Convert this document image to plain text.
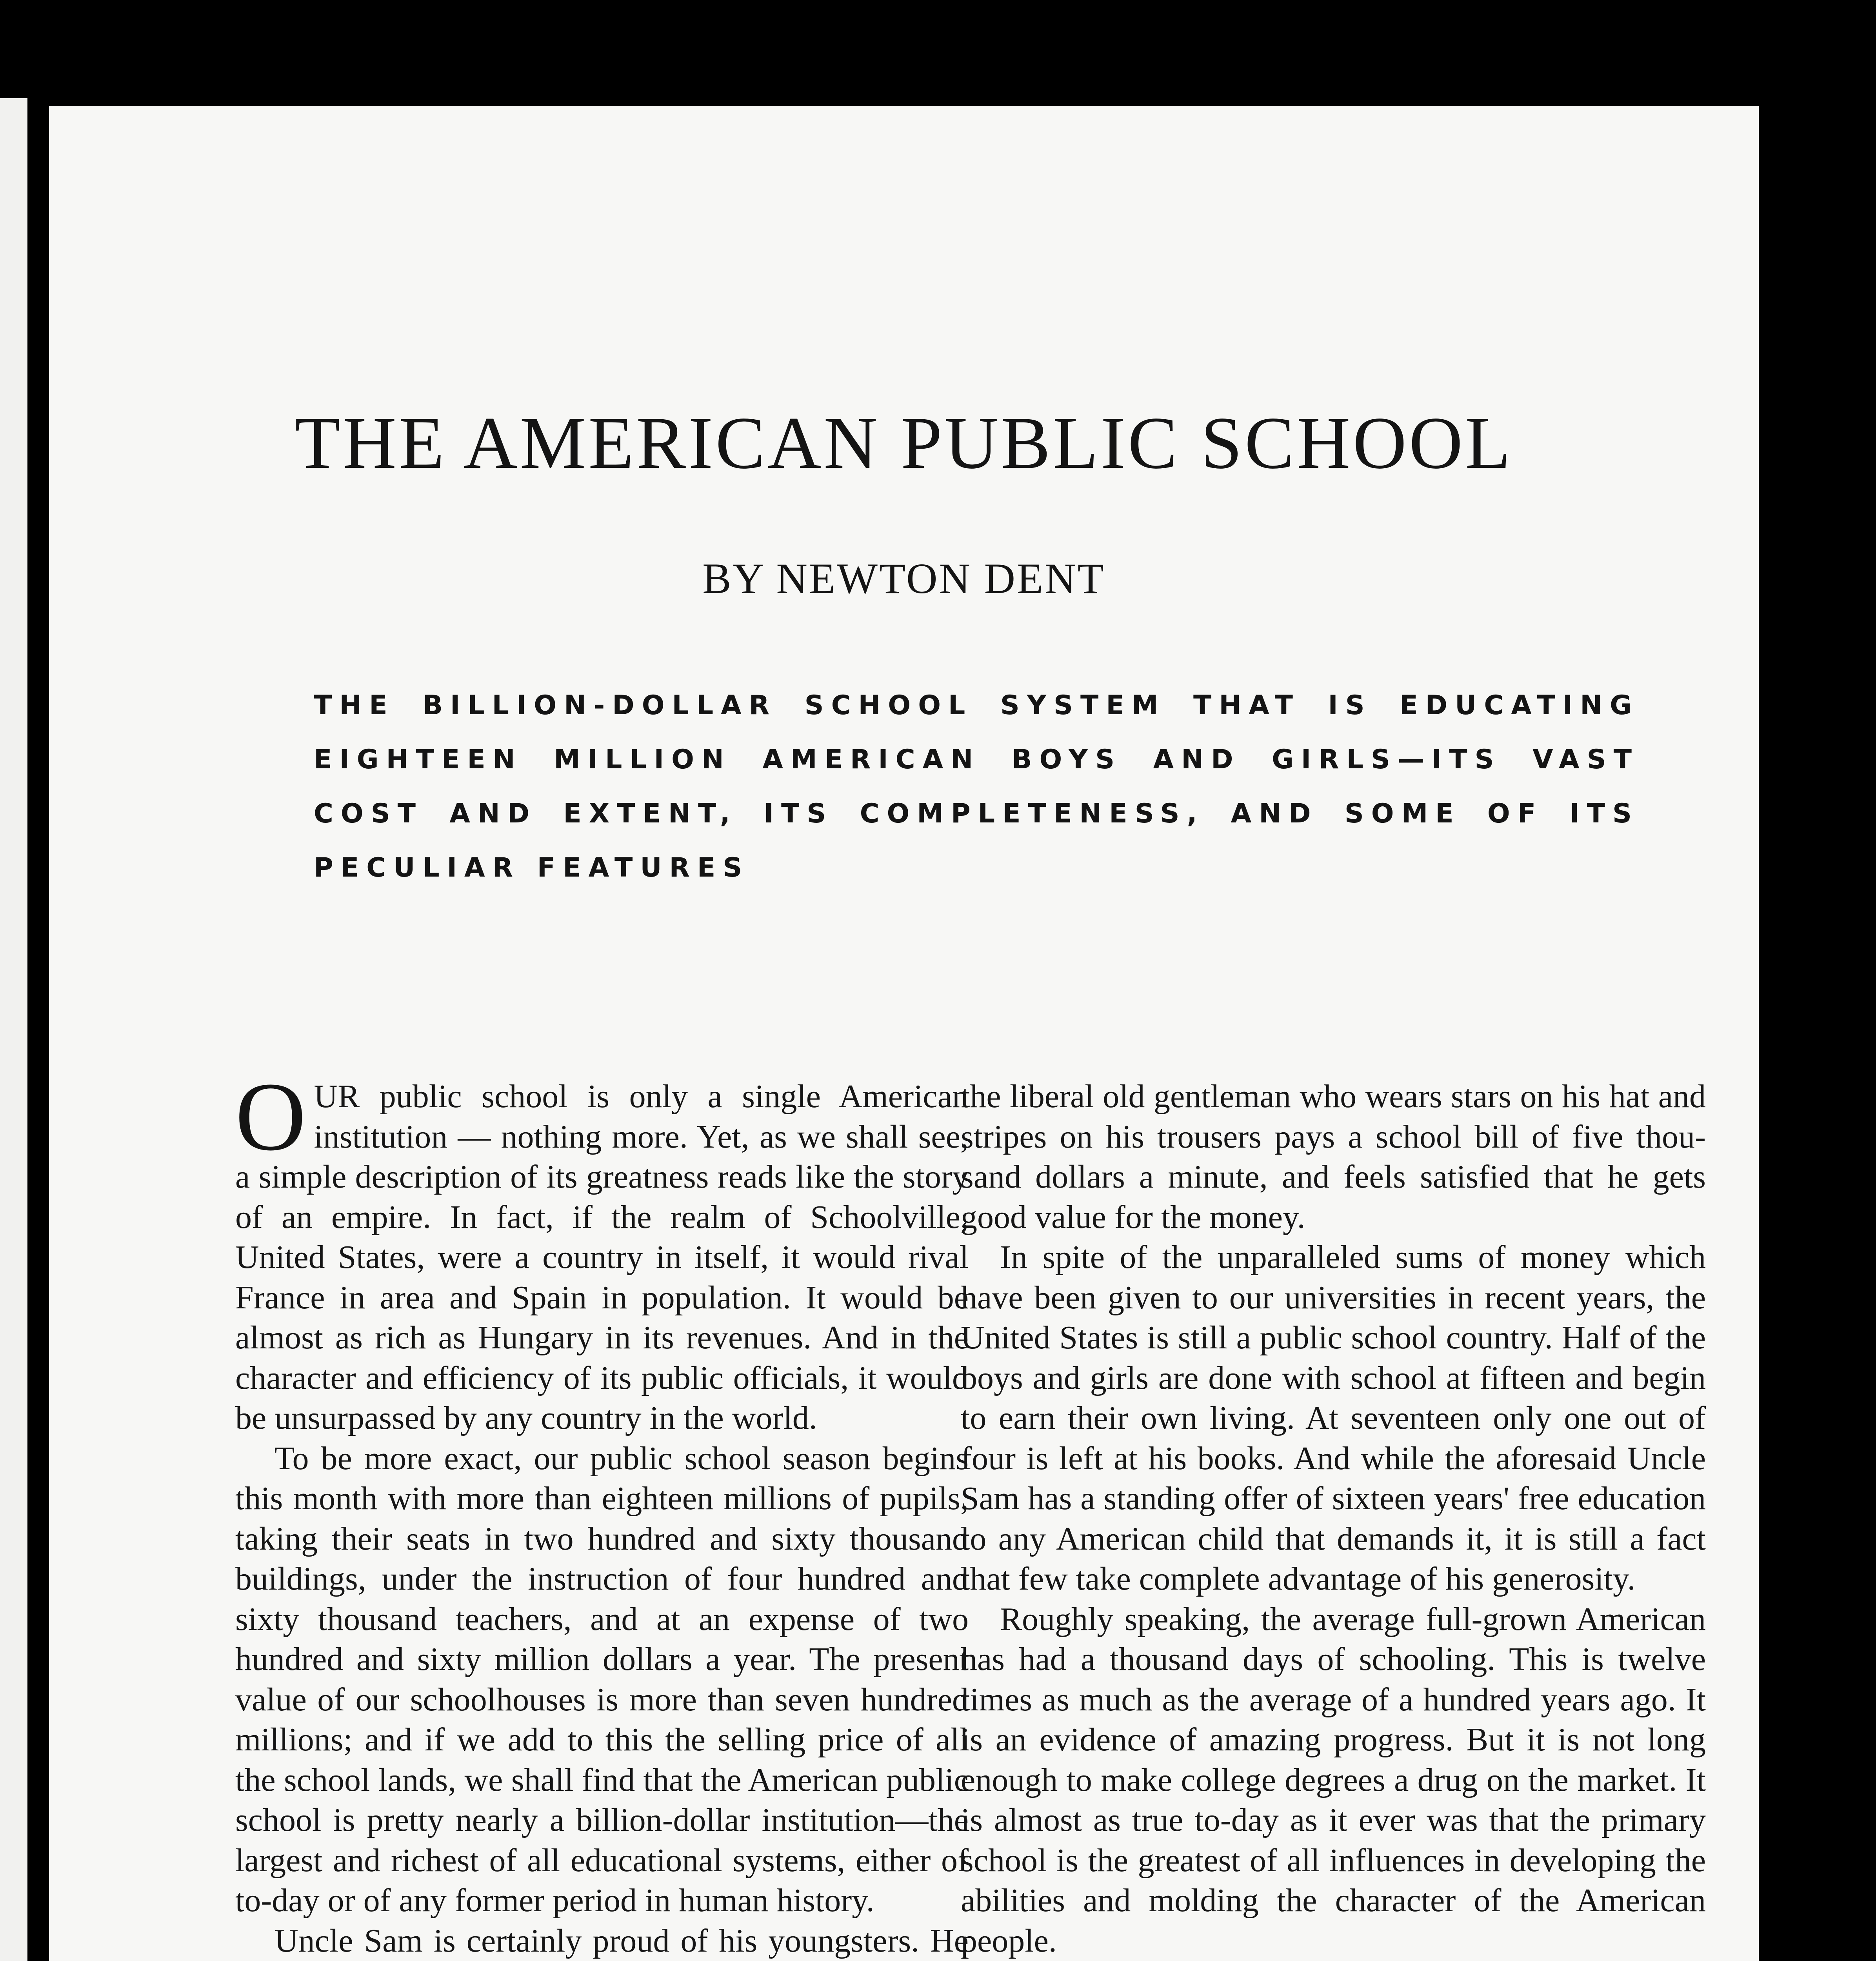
THE AMERICAN PUBLIC SCHOOL
BY NEWTON DENT

THE BILLION-DOLLAR SCHOOL SYSTEM THAT IS EDUCATING EIGHTEEN MILLION AMERICAN BOYS AND GIRLS—ITS VAST COST AND EXTENT, ITS COMPLETENESS, AND SOME OF ITS PECULIAR FEATURES

OUR public school is only a single American institution — nothing more. Yet, as we shall see, a simple description of its greatness reads like the story of an empire. In fact, if the realm of Schoolville, United States, were a country in itself, it would rival France in area and Spain in population. It would be almost as rich as Hungary in its revenues. And in the character and efficiency of its public officials, it would be unsurpassed by any country in the world.

To be more exact, our public school season begins this month with more than eighteen millions of pupils, taking their seats in two hundred and sixty thousand buildings, under the instruction of four hundred and sixty thousand teachers, and at an expense of two hundred and sixty million dollars a year. The present value of our schoolhouses is more than seven hundred millions; and if we add to this the selling price of all the school lands, we shall find that the American public school is pretty nearly a billion-dollar institution—the largest and richest of all educational systems, either of to-day or of any former period in human history.

Uncle Sam is certainly proud of his youngsters. He

the liberal old gentleman who wears stars on his hat and stripes on his trousers pays a school bill of five thousand dollars a minute, and feels satisfied that he gets good value for the money.

In spite of the unparalleled sums of money which have been given to our universities in recent years, the United States is still a public school country. Half of the boys and girls are done with school at fifteen and begin to earn their own living. At seventeen only one out of four is left at his books. And while the aforesaid Uncle Sam has a standing offer of sixteen years' free education to any American child that demands it, it is still a fact that few take complete advantage of his generosity.

Roughly speaking, the average full-grown American has had a thousand days of schooling. This is twelve times as much as the average of a hundred years ago. It is an evidence of amazing progress. But it is not long enough to make college degrees a drug on the market. It is almost as true to-day as it ever was that the primary school is the greatest of all influences in developing the abilities and molding the character of the American people.
